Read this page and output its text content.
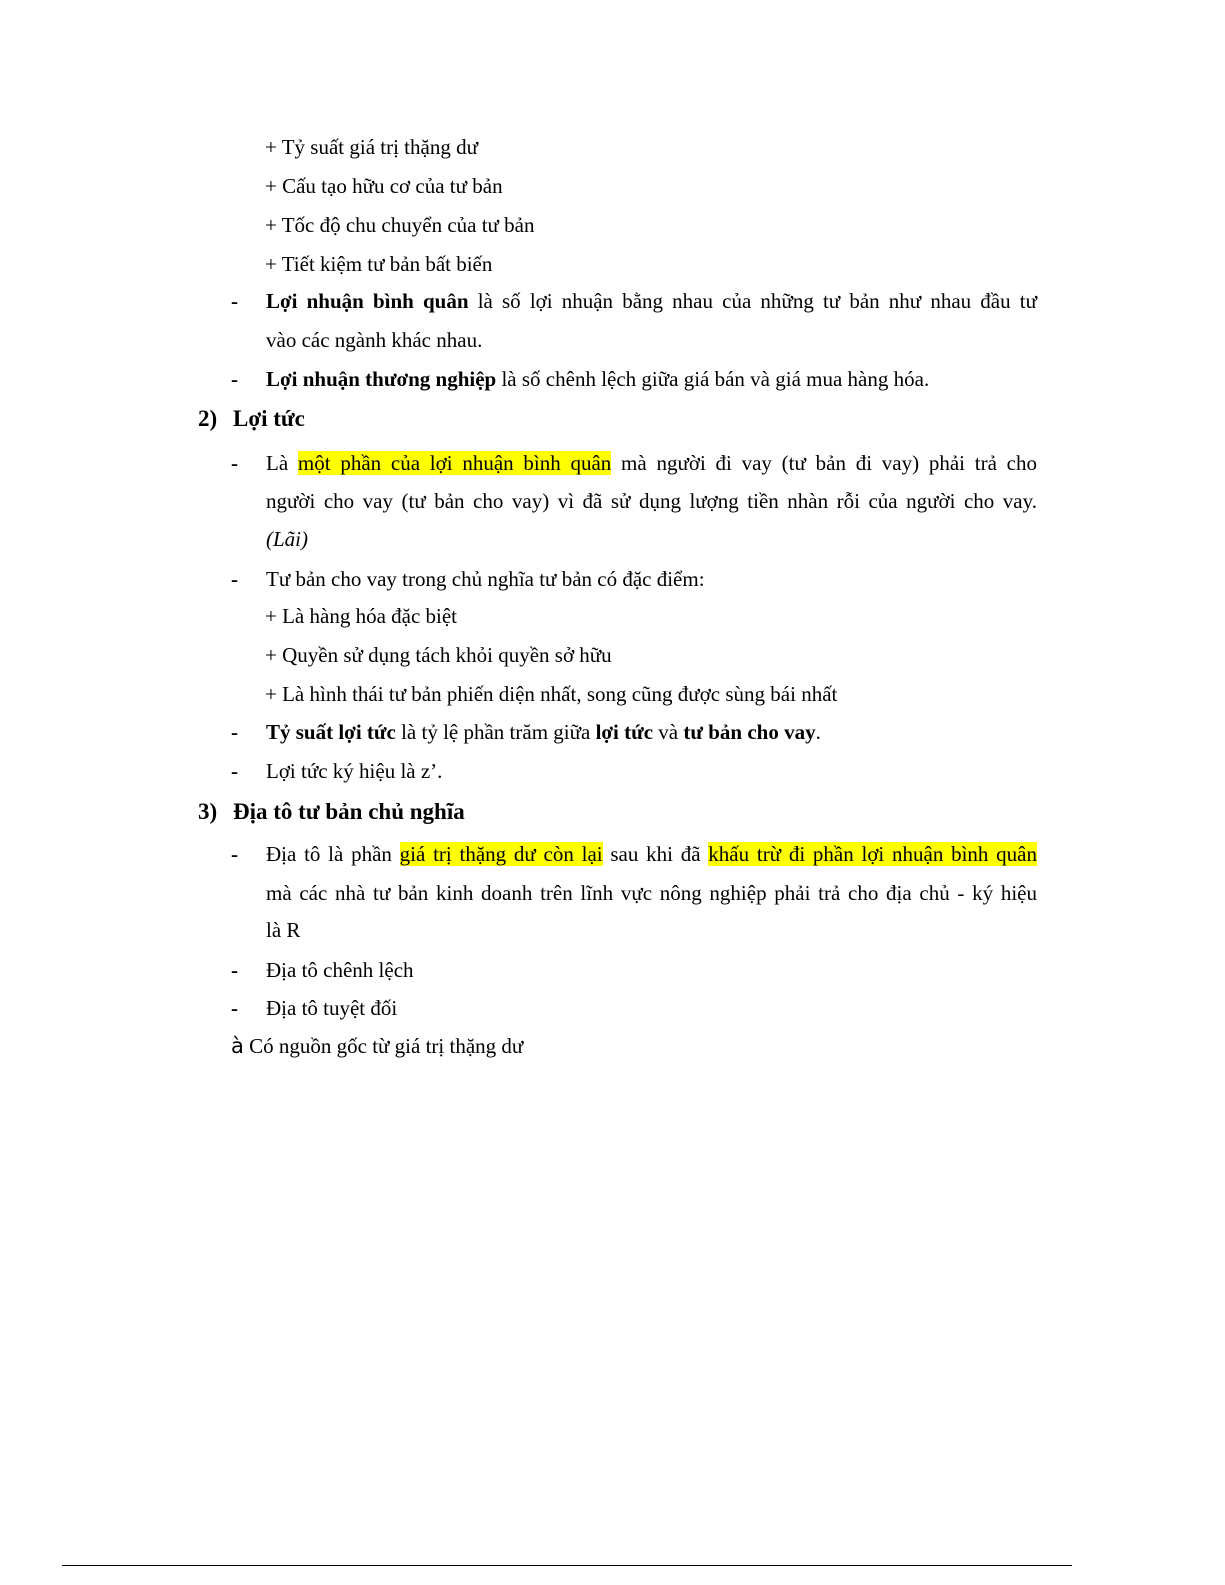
+ Tỷ suất giá trị thặng dư
+ Cấu tạo hữu cơ của tư bản
+ Tốc độ chu chuyển của tư bản
+ Tiết kiệm tư bản bất biến
- Lợi nhuận bình quân là số lợi nhuận bằng nhau của những tư bản như nhau đầu tư
vào các ngành khác nhau.
- Lợi nhuận thương nghiệp là số chênh lệch giữa giá bán và giá mua hàng hóa.
2) Lợi tức
- Là một phần của lợi nhuận bình quân mà người đi vay (tư bản đi vay) phải trả cho
người cho vay (tư bản cho vay) vì đã sử dụng lượng tiền nhàn rỗi của người cho vay.
(Lãi)
- Tư bản cho vay trong chủ nghĩa tư bản có đặc điểm:
+ Là hàng hóa đặc biệt
+ Quyền sử dụng tách khỏi quyền sở hữu
+ Là hình thái tư bản phiến diện nhất, song cũng được sùng bái nhất
- Tỷ suất lợi tức là tỷ lệ phần trăm giữa lợi tức và tư bản cho vay.
- Lợi tức ký hiệu là z’.
3) Địa tô tư bản chủ nghĩa
- Địa tô là phần giá trị thặng dư còn lại sau khi đã khấu trừ đi phần lợi nhuận bình quân
mà các nhà tư bản kinh doanh trên lĩnh vực nông nghiệp phải trả cho địa chủ - ký hiệu
là R
- Địa tô chênh lệch
- Địa tô tuyệt đối
à Có nguồn gốc từ giá trị thặng dư
